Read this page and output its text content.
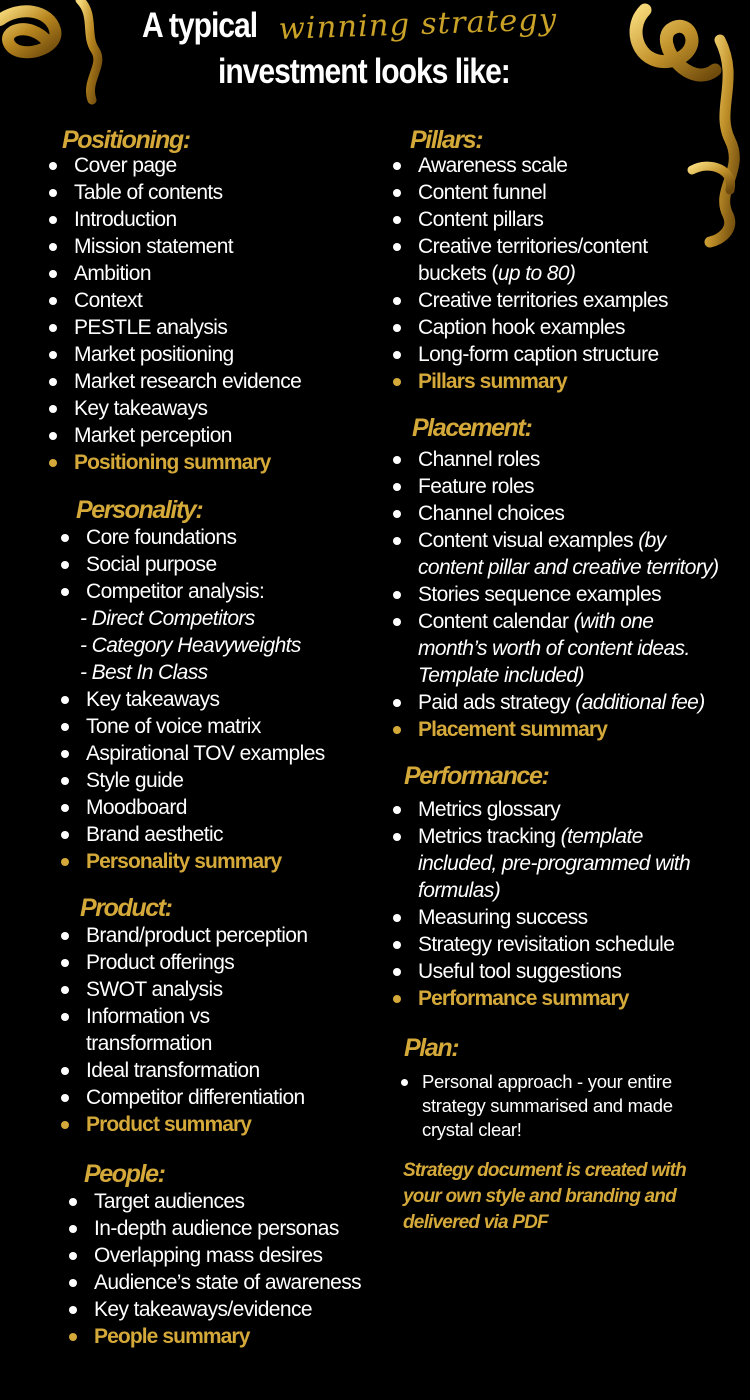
A typical winning strategy
investment looks like:
Positioning:
Cover page
Table of contents
Introduction
Mission statement
Ambition
Context
PESTLE analysis
Market positioning
Market research evidence
Key takeaways
Market perception
Positioning summary
Personality:
Core foundations
Social purpose
Competitor analysis:
- Direct Competitors
- Category Heavyweights
- Best In Class
Key takeaways
Tone of voice matrix
Aspirational TOV examples
Style guide
Moodboard
Brand aesthetic
Personality summary
Product:
Brand/product perception
Product offerings
SWOT analysis
Information vs
transformation
Ideal transformation
Competitor differentiation
Product summary
People:
Target audiences
In-depth audience personas
Overlapping mass desires
Audience’s state of awareness
Key takeaways/evidence
People summary
Pillars:
Awareness scale
Content funnel
Content pillars
Creative territories/content
buckets (up to 80)
Creative territories examples
Caption hook examples
Long-form caption structure
Pillars summary
Placement:
Channel roles
Feature roles
Channel choices
Content visual examples (by
content pillar and creative territory)
Stories sequence examples
Content calendar (with one
month’s worth of content ideas.
Template included)
Paid ads strategy (additional fee)
Placement summary
Performance:
Metrics glossary
Metrics tracking (template
included, pre-programmed with
formulas)
Measuring success
Strategy revisitation schedule
Useful tool suggestions
Performance summary
Plan:
Personal approach - your entire
strategy summarised and made
crystal clear!
Strategy document is created with your own style and branding and delivered via PDF
